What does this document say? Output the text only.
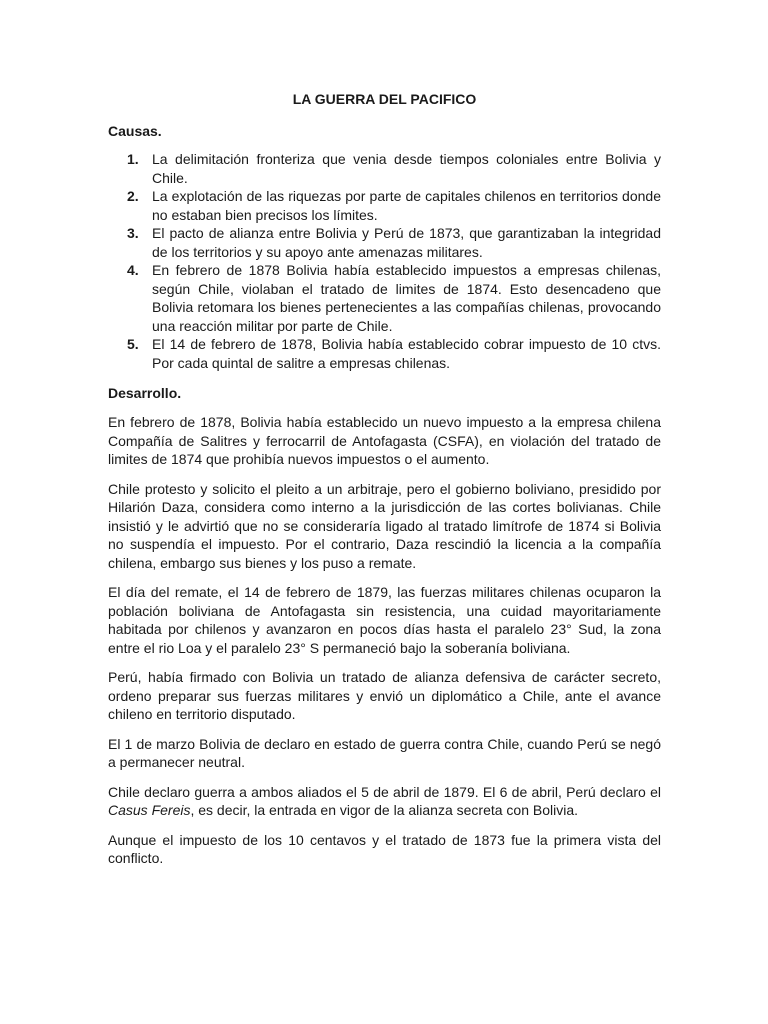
LA GUERRA DEL PACIFICO
Causas.
1. La delimitación fronteriza que venia desde tiempos coloniales entre Bolivia y Chile.
2. La explotación de las riquezas por parte de capitales chilenos en territorios donde no estaban bien precisos los límites.
3. El pacto de alianza entre Bolivia y Perú de 1873, que garantizaban la integridad de los territorios y su apoyo ante amenazas militares.
4. En febrero de 1878 Bolivia había establecido impuestos a empresas chilenas, según Chile, violaban el tratado de limites de 1874. Esto desencadeno que Bolivia retomara los bienes pertenecientes a las compañías chilenas, provocando una reacción militar por parte de Chile.
5. El 14 de febrero de 1878, Bolivia había establecido cobrar impuesto de 10 ctvs. Por cada quintal de salitre a empresas chilenas.
Desarrollo.

En febrero de 1878, Bolivia había establecido un nuevo impuesto a la empresa chilena Compañía de Salitres y ferrocarril de Antofagasta (CSFA), en violación del tratado de limites de 1874 que prohibía nuevos impuestos o el aumento.

Chile protesto y solicito el pleito a un arbitraje, pero el gobierno boliviano, presidido por Hilarión Daza, considera como interno a la jurisdicción de las cortes bolivianas. Chile insistió y le advirtió que no se consideraría ligado al tratado limítrofe de 1874 si Bolivia no suspendía el impuesto. Por el contrario, Daza rescindió la licencia a la compañía chilena, embargo sus bienes y los puso a remate.

El día del remate, el 14 de febrero de 1879, las fuerzas militares chilenas ocuparon la población boliviana de Antofagasta sin resistencia, una cuidad mayoritariamente habitada por chilenos y avanzaron en pocos días hasta el paralelo 23° Sud, la zona entre el rio Loa y el paralelo 23° S permaneció bajo la soberanía boliviana.

Perú, había firmado con Bolivia un tratado de alianza defensiva de carácter secreto, ordeno preparar sus fuerzas militares y envió un diplomático a Chile, ante el avance chileno en territorio disputado.

El 1 de marzo Bolivia de declaro en estado de guerra contra Chile, cuando Perú se negó a permanecer neutral.

Chile declaro guerra a ambos aliados el 5 de abril de 1879. El 6 de abril, Perú declaro el Casus Fereis, es decir, la entrada en vigor de la alianza secreta con Bolivia.

Aunque el impuesto de los 10 centavos y el tratado de 1873 fue la primera vista del conflicto.
